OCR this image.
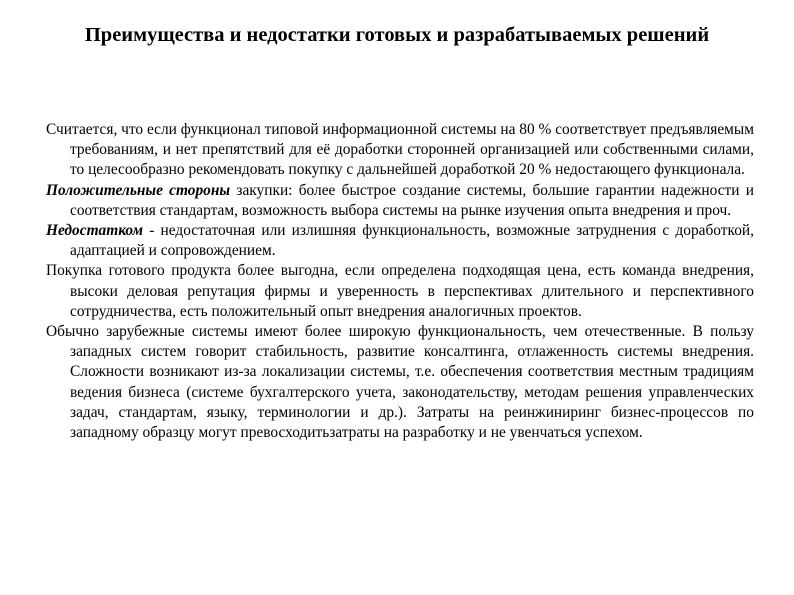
Преимущества и недостатки готовых и разрабатываемых решений

Считается, что если функционал типовой информационной системы на 80 % соответствует предъявляемым требованиям, и нет препятствий для её доработки сторонней организацией или собственными силами, то целесообразно рекомендовать покупку с дальнейшей доработкой 20 % недостающего функционала.

Положительные стороны закупки: более быстрое создание системы, большие гарантии надежности и соответствия стандартам, возможность выбора системы на рынке изучения опыта внедрения и проч.

Недостатком - недостаточная или излишняя функциональность, возможные затруднения с доработкой, адаптацией и сопровождением.

Покупка готового продукта более выгодна, если определена подходящая цена, есть команда внедрения, высоки деловая репутация фирмы и уверенность в перспективах длительного и перспективного сотрудничества, есть положительный опыт внедрения аналогичных проектов.

Обычно зарубежные системы имеют более широкую функциональность, чем отечественные. В пользу западных систем говорит стабильность, развитие консалтинга, отлаженность системы внедрения. Сложности возникают из-за локализации системы, т.е. обеспечения соответствия местным традициям ведения бизнеса (системе бухгалтерского учета, законодательству, методам решения управленческих задач, стандартам, языку, терминологии и др.). Затраты на реинжиниринг бизнес-процессов по западному образцу могут превосходитьзатраты на разработку и не увенчаться успехом.
